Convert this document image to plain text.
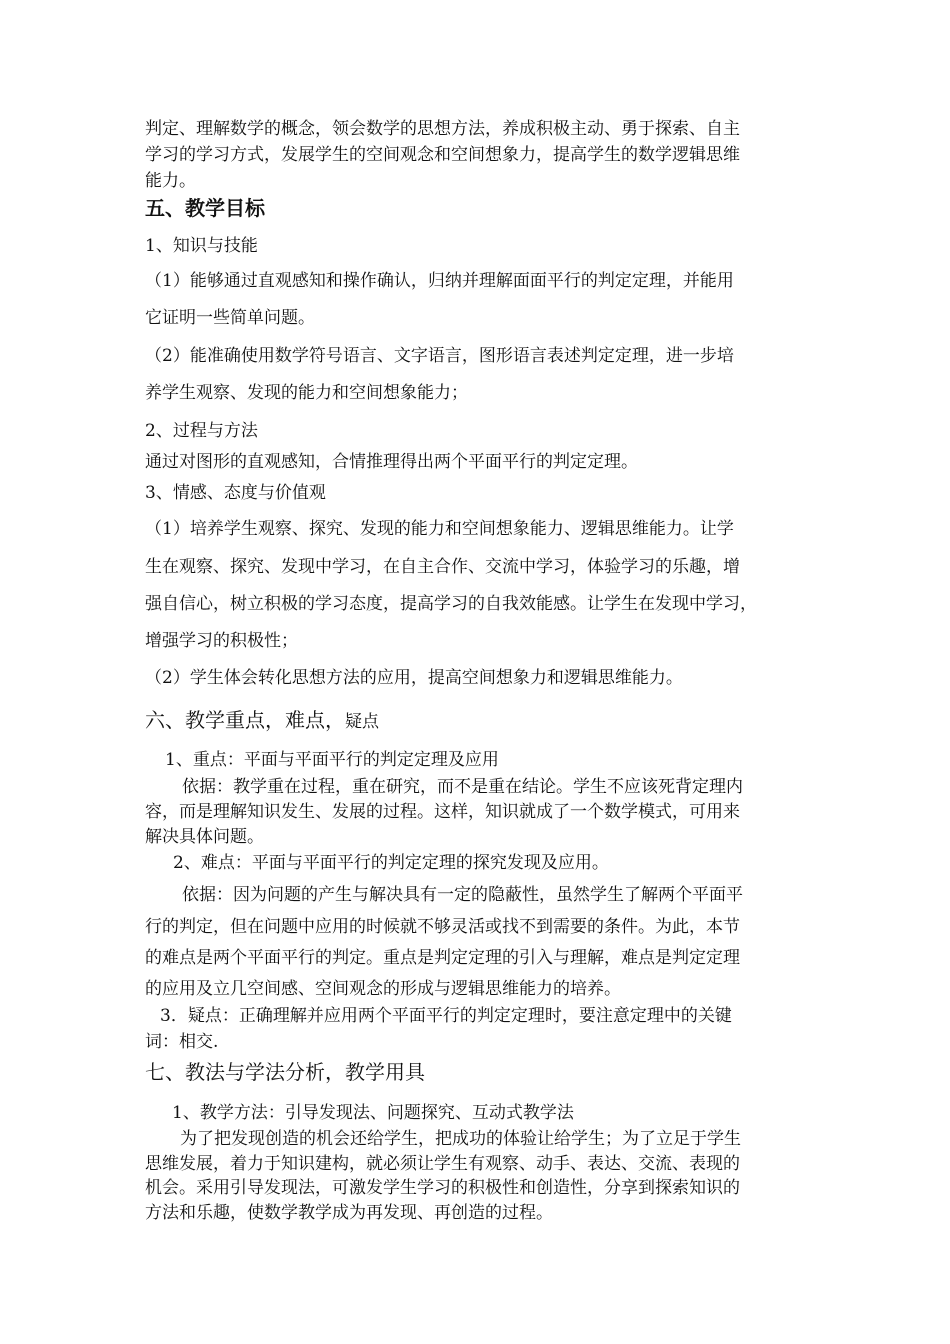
判定、理解数学的概念，领会数学的思想方法，养成积极主动、勇于探索、自主
学习的学习方式，发展学生的空间观念和空间想象力，提高学生的数学逻辑思维
能力。
五、教学目标
1、知识与技能
（1）能够通过直观感知和操作确认，归纳并理解面面平行的判定定理，并能用
它证明一些简单问题。
（2）能准确使用数学符号语言、文字语言，图形语言表述判定定理，进一步培
养学生观察、发现的能力和空间想象能力；
2、过程与方法
通过对图形的直观感知，合情推理得出两个平面平行的判定定理。
3、情感、态度与价值观
（1）培养学生观察、探究、发现的能力和空间想象能力、逻辑思维能力。让学
生在观察、探究、发现中学习，在自主合作、交流中学习，体验学习的乐趣，增
强自信心，树立积极的学习态度，提高学习的自我效能感。让学生在发现中学习，
增强学习的积极性；
（2）学生体会转化思想方法的应用，提高空间想象力和逻辑思维能力。
六、教学重点，难点，疑点
1、重点：平面与平面平行的判定定理及应用
依据：教学重在过程，重在研究，而不是重在结论。学生不应该死背定理内
容，而是理解知识发生、发展的过程。这样，知识就成了一个数学模式，可用来
解决具体问题。
2、难点：平面与平面平行的判定定理的探究发现及应用。
依据：因为问题的产生与解决具有一定的隐蔽性，虽然学生了解两个平面平
行的判定，但在问题中应用的时候就不够灵活或找不到需要的条件。为此，本节
的难点是两个平面平行的判定。重点是判定定理的引入与理解，难点是判定定理
的应用及立几空间感、空间观念的形成与逻辑思维能力的培养。
3．疑点：正确理解并应用两个平面平行的判定定理时，要注意定理中的关键
词：相交.
七、教法与学法分析，教学用具
1、教学方法：引导发现法、问题探究、互动式教学法
为了把发现创造的机会还给学生，把成功的体验让给学生；为了立足于学生
思维发展，着力于知识建构，就必须让学生有观察、动手、表达、交流、表现的
机会。采用引导发现法，可激发学生学习的积极性和创造性，分享到探索知识的
方法和乐趣，使数学教学成为再发现、再创造的过程。
